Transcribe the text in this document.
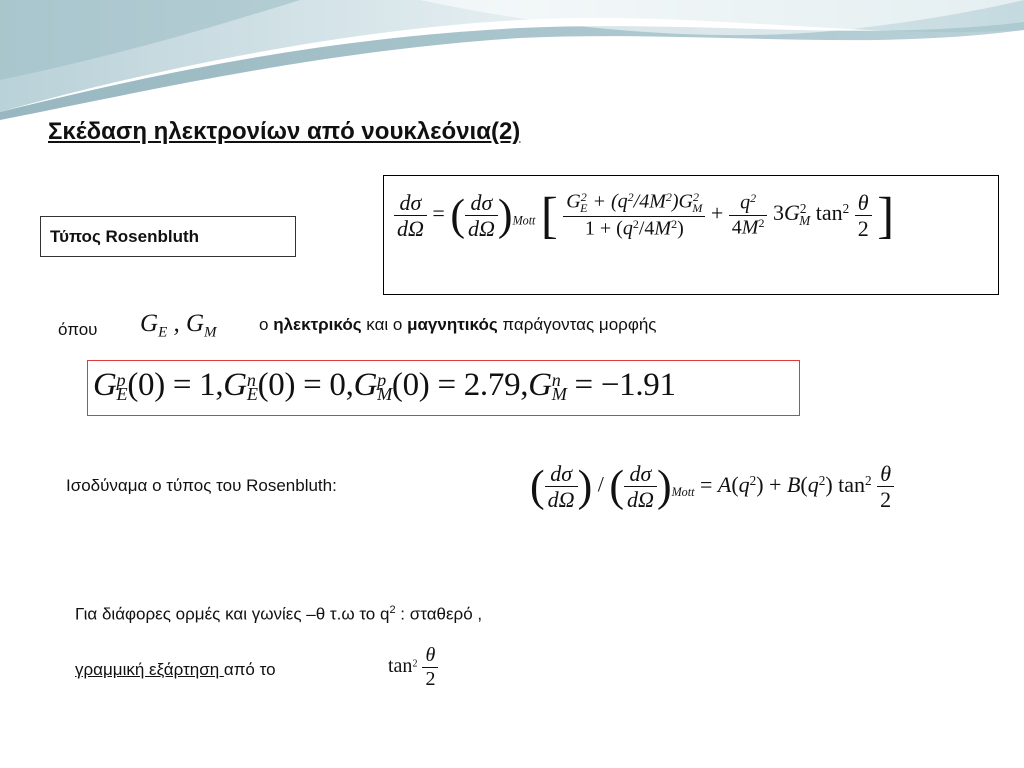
Σκέδαση ηλεκτρονίων από νουκλεόνια(2)
Τύπος Rosenbluth	$\frac{d\sigma}{d\Omega}$ = ( $\frac{d\sigma}{d\Omega} )_{Mott}$ [ $\frac{G^2_E + (q^2/4M^2)G^2_M}{1 + (q^2/4M^2)} + \frac{q^2}{4M^2} 3G^2_M$ $\tan^2 \frac{\theta}{2}$ ]
όπου $G_E$ , $G_M$ ο ηλεκτρικός και ο μαγνητικός παράγοντας μορφής
G p
E (0) = 1,G n
E (0) = 0,G p
M (0) = 2.79,G n
M = −1.91
Ισοδύναμα ο τύπος του Rosenbluth:	( $\frac{d\sigma}{d\Omega}$ ) / ( $\frac{d\sigma}{d\Omega} )_{Mott} = A(q^2) + B(q^2)$ $\tan^2 \frac{\theta}{2}$
Για διάφορες ορμές και γωνίες –θ τ.ω το $q^2$ : σταθερό ,
γραμμική εξάρτηση από το	$\tan^2 \frac{\theta}{2}$
